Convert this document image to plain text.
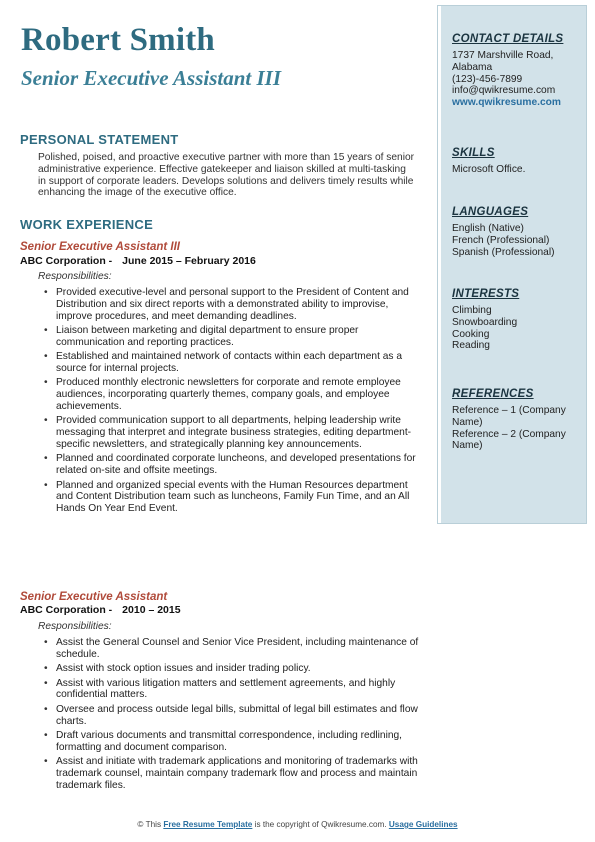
Robert Smith
Senior Executive Assistant III
CONTACT DETAILS
1737 Marshville Road,
Alabama
(123)-456-7899
info@qwikresume.com
www.qwikresume.com
SKILLS
Microsoft Office.
LANGUAGES
English (Native)
French (Professional)
Spanish (Professional)
INTERESTS
Climbing
Snowboarding
Cooking
Reading
REFERENCES
Reference – 1 (Company
Name)
Reference – 2 (Company
Name)
PERSONAL STATEMENT
Polished, poised, and proactive executive partner with more than 15 years of senior administrative experience. Effective gatekeeper and liaison skilled at multi-tasking in support of corporate leaders. Develops solutions and delivers timely results while enhancing the image of the executive office.
WORK EXPERIENCE
Senior Executive Assistant III
ABC Corporation - June 2015 – February 2016
Responsibilities:
• Provided executive-level and personal support to the President of Content and Distribution and six direct reports with a demonstrated ability to improvise, improve procedures, and meet demanding deadlines.
• Liaison between marketing and digital department to ensure proper communication and reporting practices.
• Established and maintained network of contacts within each department as a source for internal projects.
• Produced monthly electronic newsletters for corporate and remote employee audiences, incorporating quarterly themes, company goals, and employee achievements.
• Provided communication support to all departments, helping leadership write messaging that interpret and integrate business strategies, editing department-specific newsletters, and strategically planning key announcements.
• Planned and coordinated corporate luncheons, and developed presentations for related on-site and offsite meetings.
• Planned and organized special events with the Human Resources department and Content Distribution team such as luncheons, Family Fun Time, and an All Hands On Year End Event.
Senior Executive Assistant
ABC Corporation - 2010 – 2015
Responsibilities:
• Assist the General Counsel and Senior Vice President, including maintenance of schedule.
• Assist with stock option issues and insider trading policy.
• Assist with various litigation matters and settlement agreements, and highly confidential matters.
• Oversee and process outside legal bills, submittal of legal bill estimates and flow charts.
• Draft various documents and transmittal correspondence, including redlining, formatting and document comparison.
• Assist and initiate with trademark applications and monitoring of trademarks with trademark counsel, maintain company trademark flow and process and maintain trademark files.
© This Free Resume Template is the copyright of Qwikresume.com. Usage Guidelines
